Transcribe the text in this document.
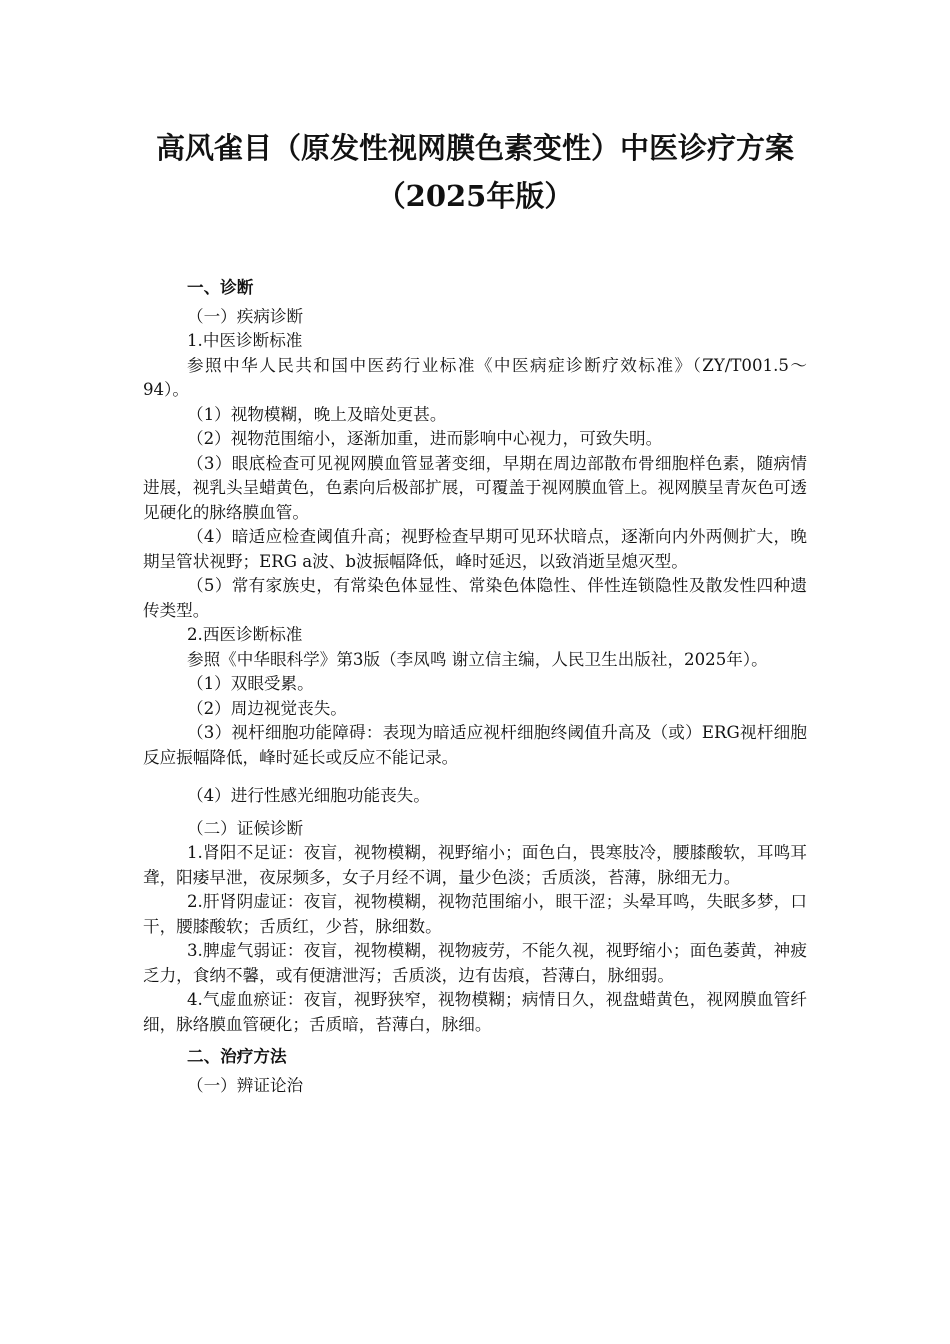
高风雀目（原发性视网膜色素变性）中医诊疗方案
（2025年版）

一、诊断

（一）疾病诊断

1.中医诊断标准

参照中华人民共和国中医药行业标准《中医病症诊断疗效标准》（ZY/T001.5～94）。

（1）视物模糊，晚上及暗处更甚。

（2）视物范围缩小，逐渐加重，进而影响中心视力，可致失明。

（3）眼底检查可见视网膜血管显著变细，早期在周边部散布骨细胞样色素，随病情进展，视乳头呈蜡黄色，色素向后极部扩展，可覆盖于视网膜血管上。视网膜呈青灰色可透见硬化的脉络膜血管。

（4）暗适应检查阈值升高；视野检查早期可见环状暗点，逐渐向内外两侧扩大，晚期呈管状视野；ERG a波、b波振幅降低，峰时延迟，以致消逝呈熄灭型。

（5）常有家族史，有常染色体显性、常染色体隐性、伴性连锁隐性及散发性四种遗传类型。

2.西医诊断标准

参照《中华眼科学》第3版（李凤鸣 谢立信主编，人民卫生出版社，2025年）。

（1）双眼受累。

（2）周边视觉丧失。

（3）视杆细胞功能障碍：表现为暗适应视杆细胞终阈值升高及（或）ERG视杆细胞反应振幅降低，峰时延长或反应不能记录。

（4）进行性感光细胞功能丧失。

（二）证候诊断

1.肾阳不足证：夜盲，视物模糊，视野缩小；面色白，畏寒肢冷，腰膝酸软，耳鸣耳聋，阳痿早泄，夜尿频多，女子月经不调，量少色淡；舌质淡，苔薄，脉细无力。

2.肝肾阴虚证：夜盲，视物模糊，视物范围缩小，眼干涩；头晕耳鸣，失眠多梦，口干，腰膝酸软；舌质红，少苔，脉细数。

3.脾虚气弱证：夜盲，视物模糊，视物疲劳，不能久视，视野缩小；面色萎黄，神疲乏力，食纳不馨，或有便溏泄泻；舌质淡，边有齿痕，苔薄白，脉细弱。

4.气虚血瘀证：夜盲，视野狭窄，视物模糊；病情日久，视盘蜡黄色，视网膜血管纤细，脉络膜血管硬化；舌质暗，苔薄白，脉细。

二、治疗方法

（一）辨证论治
